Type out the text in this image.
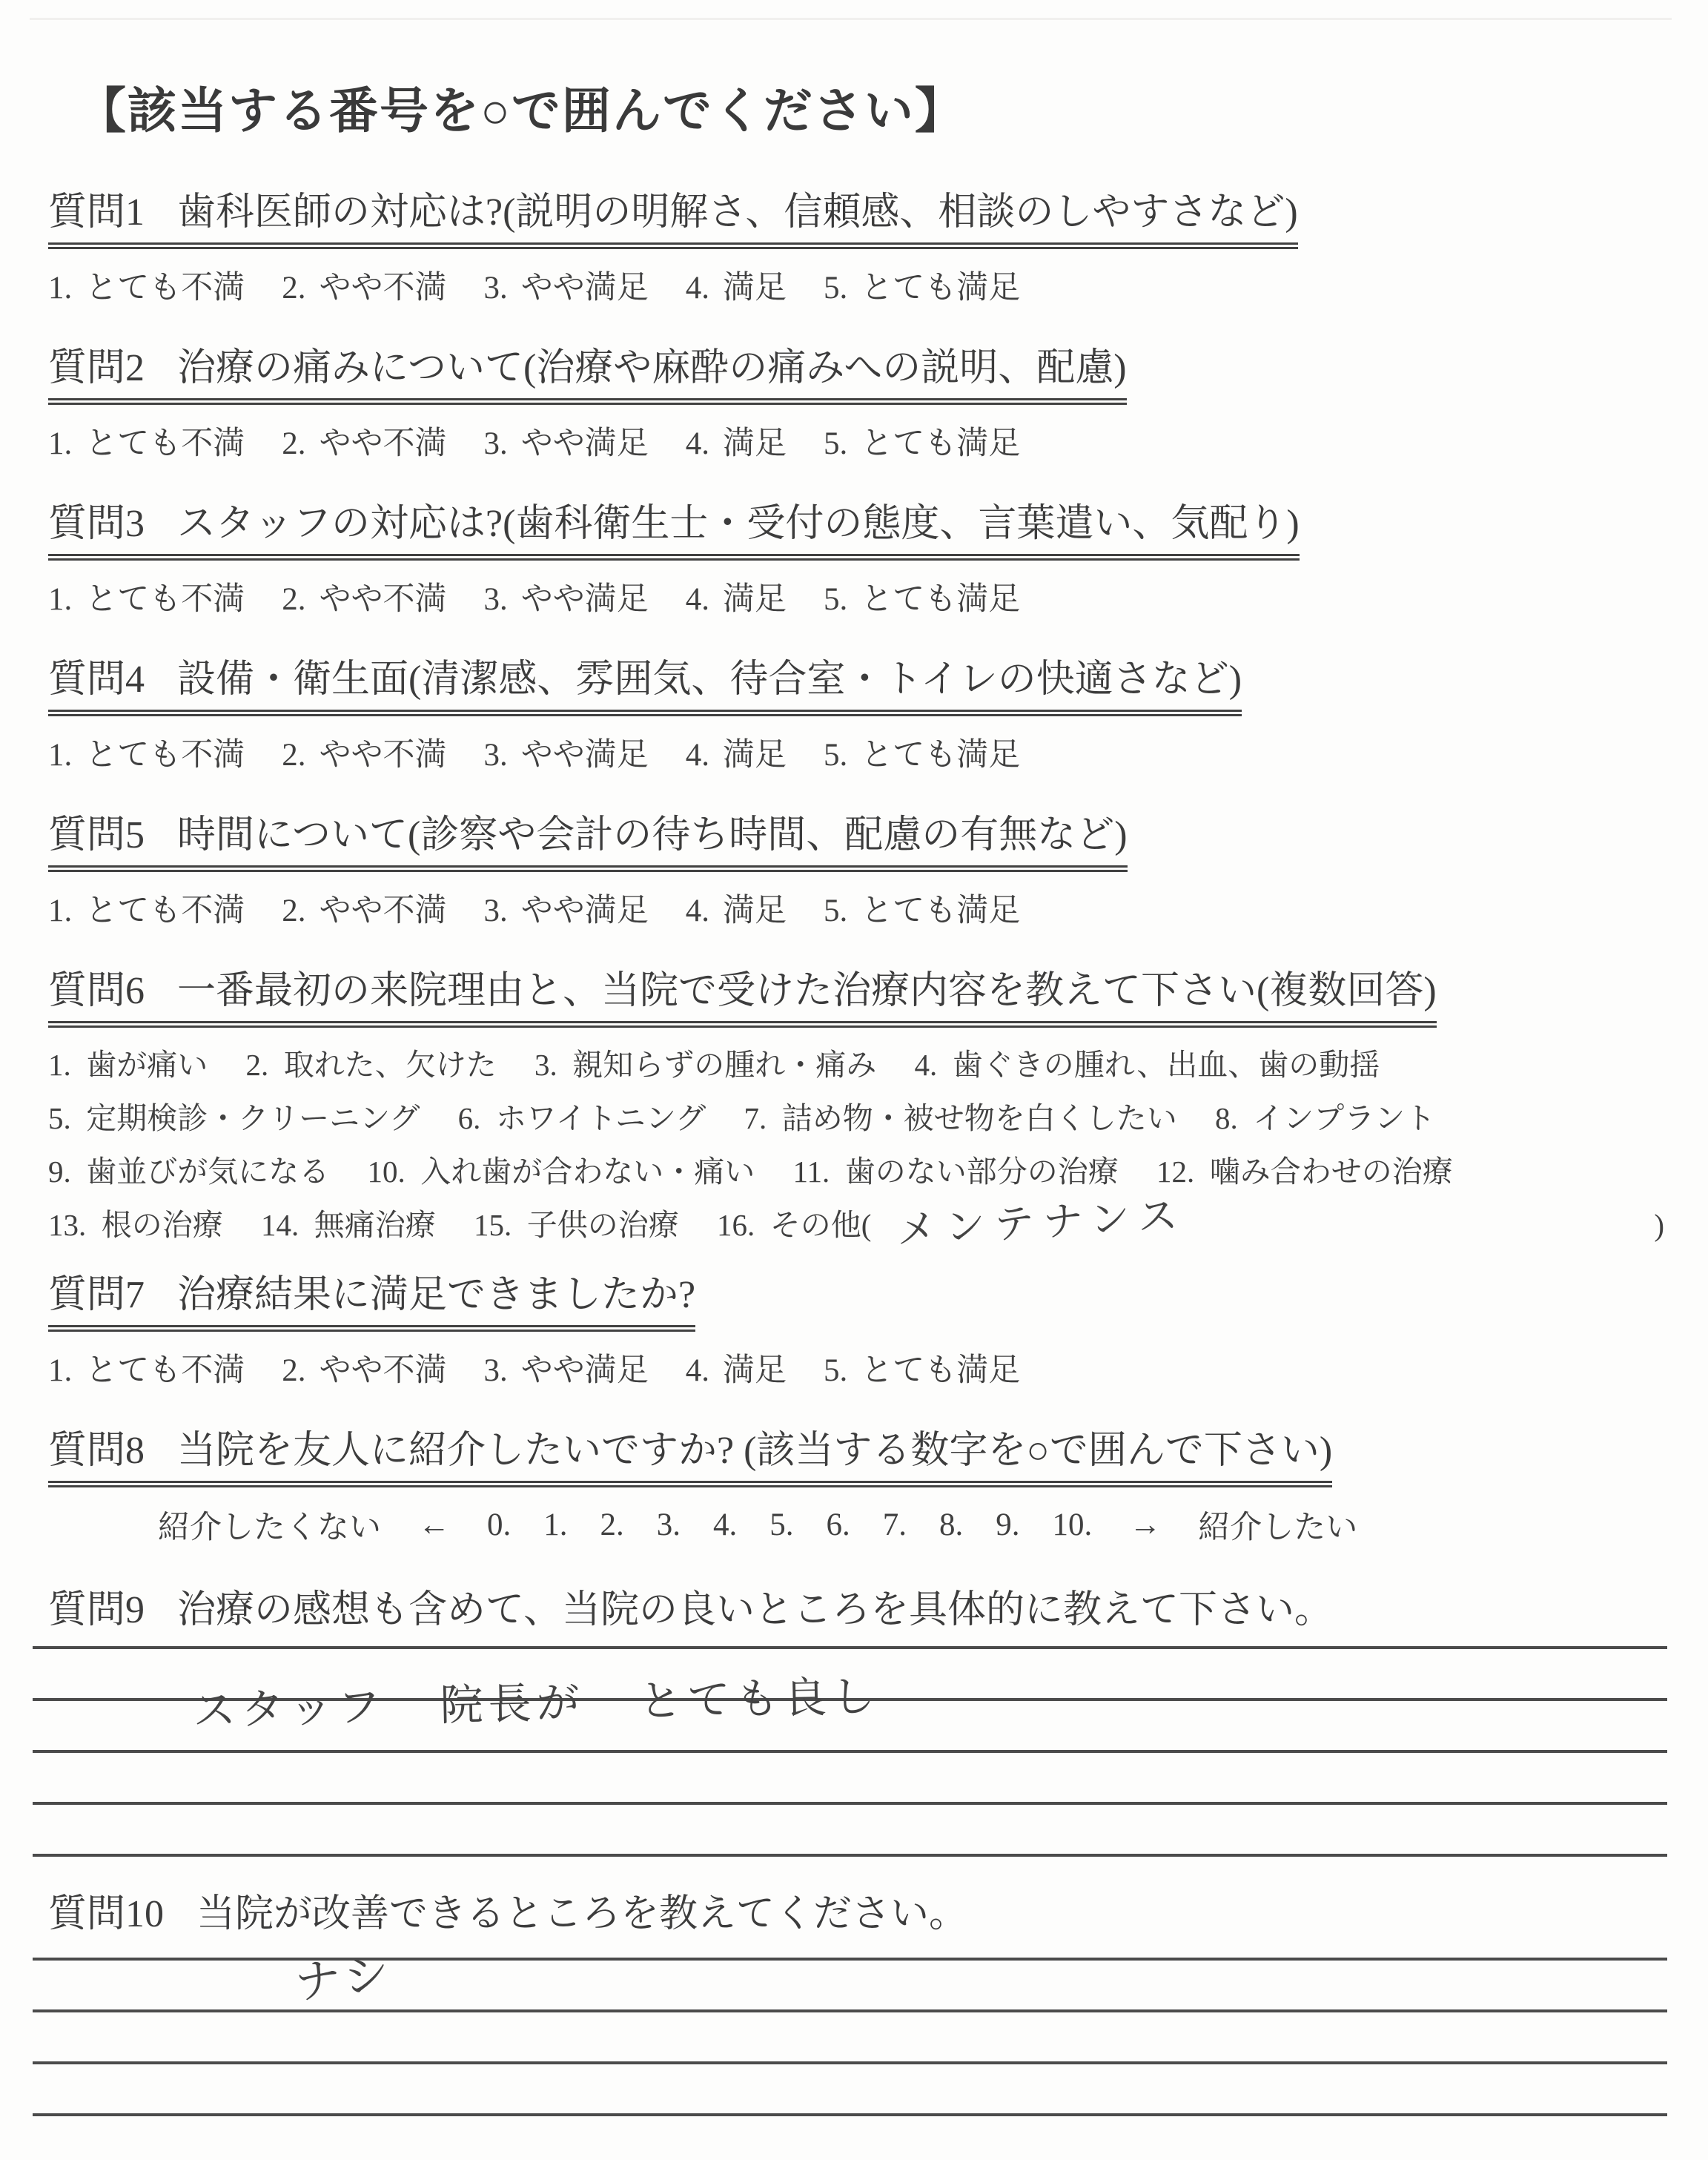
【該当する番号を○で囲んでください】
質問1 歯科医師の対応は?(説明の明解さ、信頼感、相談のしやすさなど)
1. とても不満 2. やや不満 3. やや満足 4. 満足 5. とても満足
質問2 治療の痛みについて(治療や麻酔の痛みへの説明、配慮)
1. とても不満 2. やや不満 3. やや満足 4. 満足 5. とても満足
質問3 スタッフの対応は?(歯科衛生士・受付の態度、言葉遣い、気配り)
1. とても不満 2. やや不満 3. やや満足 4. 満足 5. とても満足
質問4 設備・衛生面(清潔感、雰囲気、待合室・トイレの快適さなど)
1. とても不満 2. やや不満 3. やや満足 4. 満足 5. とても満足
質問5 時間について(診察や会計の待ち時間、配慮の有無など)
1. とても不満 2. やや不満 3. やや満足 4. 満足 5. とても満足
質問6 一番最初の来院理由と、当院で受けた治療内容を教えて下さい(複数回答)
1.  歯が痛い　 2.  取れた、欠けた　 3.  親知らずの腫れ・痛み　 4.  歯ぐきの腫れ、出血、歯の動揺
5.  定期検診・クリーニング　 6.  ホワイトニング　 7.  詰め物・被せ物を白くしたい　 8.  インプラント
9.  歯並びが気になる　 10.  入れ歯が合わない・痛い　 11.  歯のない部分の治療　 12.  噛み合わせの治療
13.  根の治療　 14.  無痛治療　 15.  子供の治療　 16.  その他( メンテナンス	)
質問7 治療結果に満足できましたか?
1. とても不満 2. やや不満 3. やや満足 4. 満足 5. とても満足
質問8 当院を友人に紹介したいですか? (該当する数字を○で囲んで下さい)
紹介したくない ← 0. 1. 2. 3. 4. 5. 6. 7. 8. 9. 10. → 紹介したい
質問9 治療の感想も含めて、当院の良いところを具体的に教えて下さい。
スタッフ 院長が とても良し
質問10 当院が改善できるところを教えてください。
ナシ
